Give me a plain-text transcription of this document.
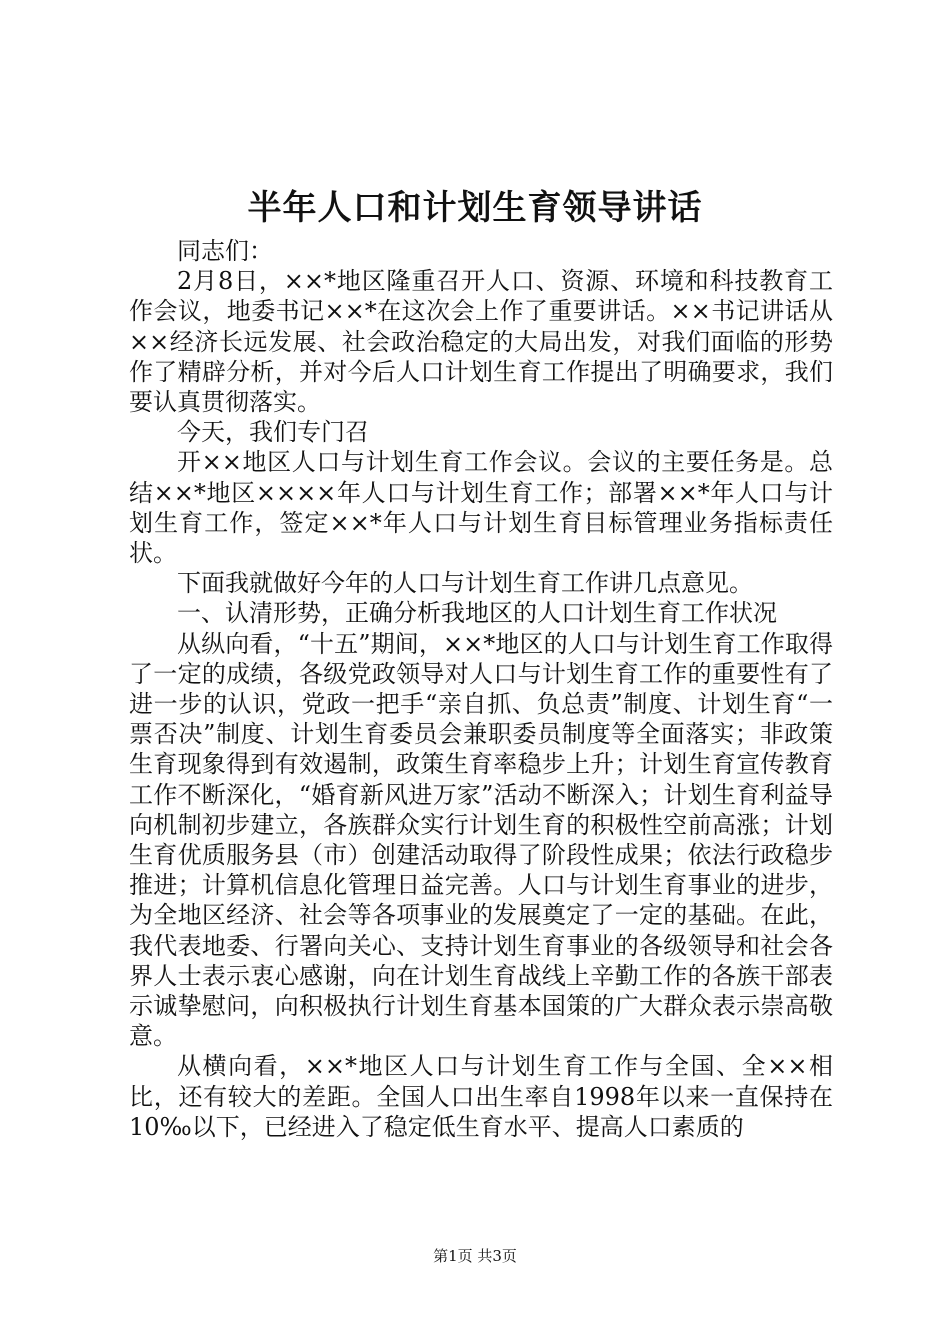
半年人口和计划生育领导讲话

同志们：

2月8日，××*地区隆重召开人口、资源、环境和科技教育工作会议，地委书记××*在这次会上作了重要讲话。××书记讲话从××经济长远发展、社会政治稳定的大局出发，对我们面临的形势作了精辟分析，并对今后人口计划生育工作提出了明确要求，我们要认真贯彻落实。

今天，我们专门召

开××地区人口与计划生育工作会议。会议的主要任务是。总结××*地区××××年人口与计划生育工作；部署××*年人口与计划生育工作，签定××*年人口与计划生育目标管理业务指标责任状。

下面我就做好今年的人口与计划生育工作讲几点意见。

一、认清形势，正确分析我地区的人口计划生育工作状况

从纵向看，“十五”期间，××*地区的人口与计划生育工作取得了一定的成绩，各级党政领导对人口与计划生育工作的重要性有了进一步的认识，党政一把手“亲自抓、负总责”制度、计划生育“一票否决”制度、计划生育委员会兼职委员制度等全面落实；非政策生育现象得到有效遏制，政策生育率稳步上升；计划生育宣传教育工作不断深化，“婚育新风进万家”活动不断深入；计划生育利益导向机制初步建立，各族群众实行计划生育的积极性空前高涨；计划生育优质服务县（市）创建活动取得了阶段性成果；依法行政稳步推进；计算机信息化管理日益完善。人口与计划生育事业的进步，为全地区经济、社会等各项事业的发展奠定了一定的基础。在此，我代表地委、行署向关心、支持计划生育事业的各级领导和社会各界人士表示衷心感谢，向在计划生育战线上辛勤工作的各族干部表示诚挚慰问，向积极执行计划生育基本国策的广大群众表示崇高敬意。

从横向看，××*地区人口与计划生育工作与全国、全××相比，还有较大的差距。全国人口出生率自1998年以来一直保持在10‰以下，已经进入了稳定低生育水平、提高人口素质的

第1页 共3页
